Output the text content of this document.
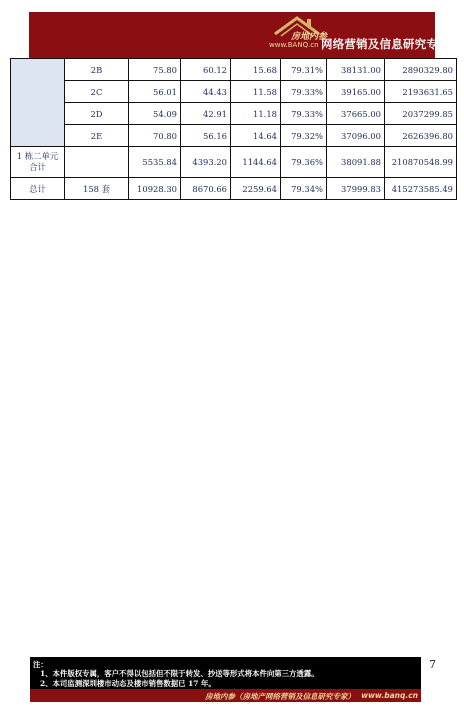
房地内参
www.BANQ.cn 网络营销及信息研究专家
	2B	75.80	60.12	15.68	79.31%	38131.00	2890329.80
	2C	56.01	44.43	11.58	79.33%	39165.00	2193631.65
	2D	54.09	42.91	11.18	79.33%	37665.00	2037299.85
	2E	70.80	56.16	14.64	79.32%	37096.00	2626396.80
1 栋二单元
合计		5535.84	4393.20	1144.64	79.36%	38091.88	210870548.99
总计	158 套	10928.30	8670.66	2259.64	79.34%	37999.83	415273585.49
7
注：
1、本件版权专属，客户不得以包括但不限于转发、抄送等形式将本件向第三方透露。
2、本司监测深圳楼市动态及楼市销售数据已 17 年。
房地内参（房地产网络营销及信息研究专家） www.banq.cn
